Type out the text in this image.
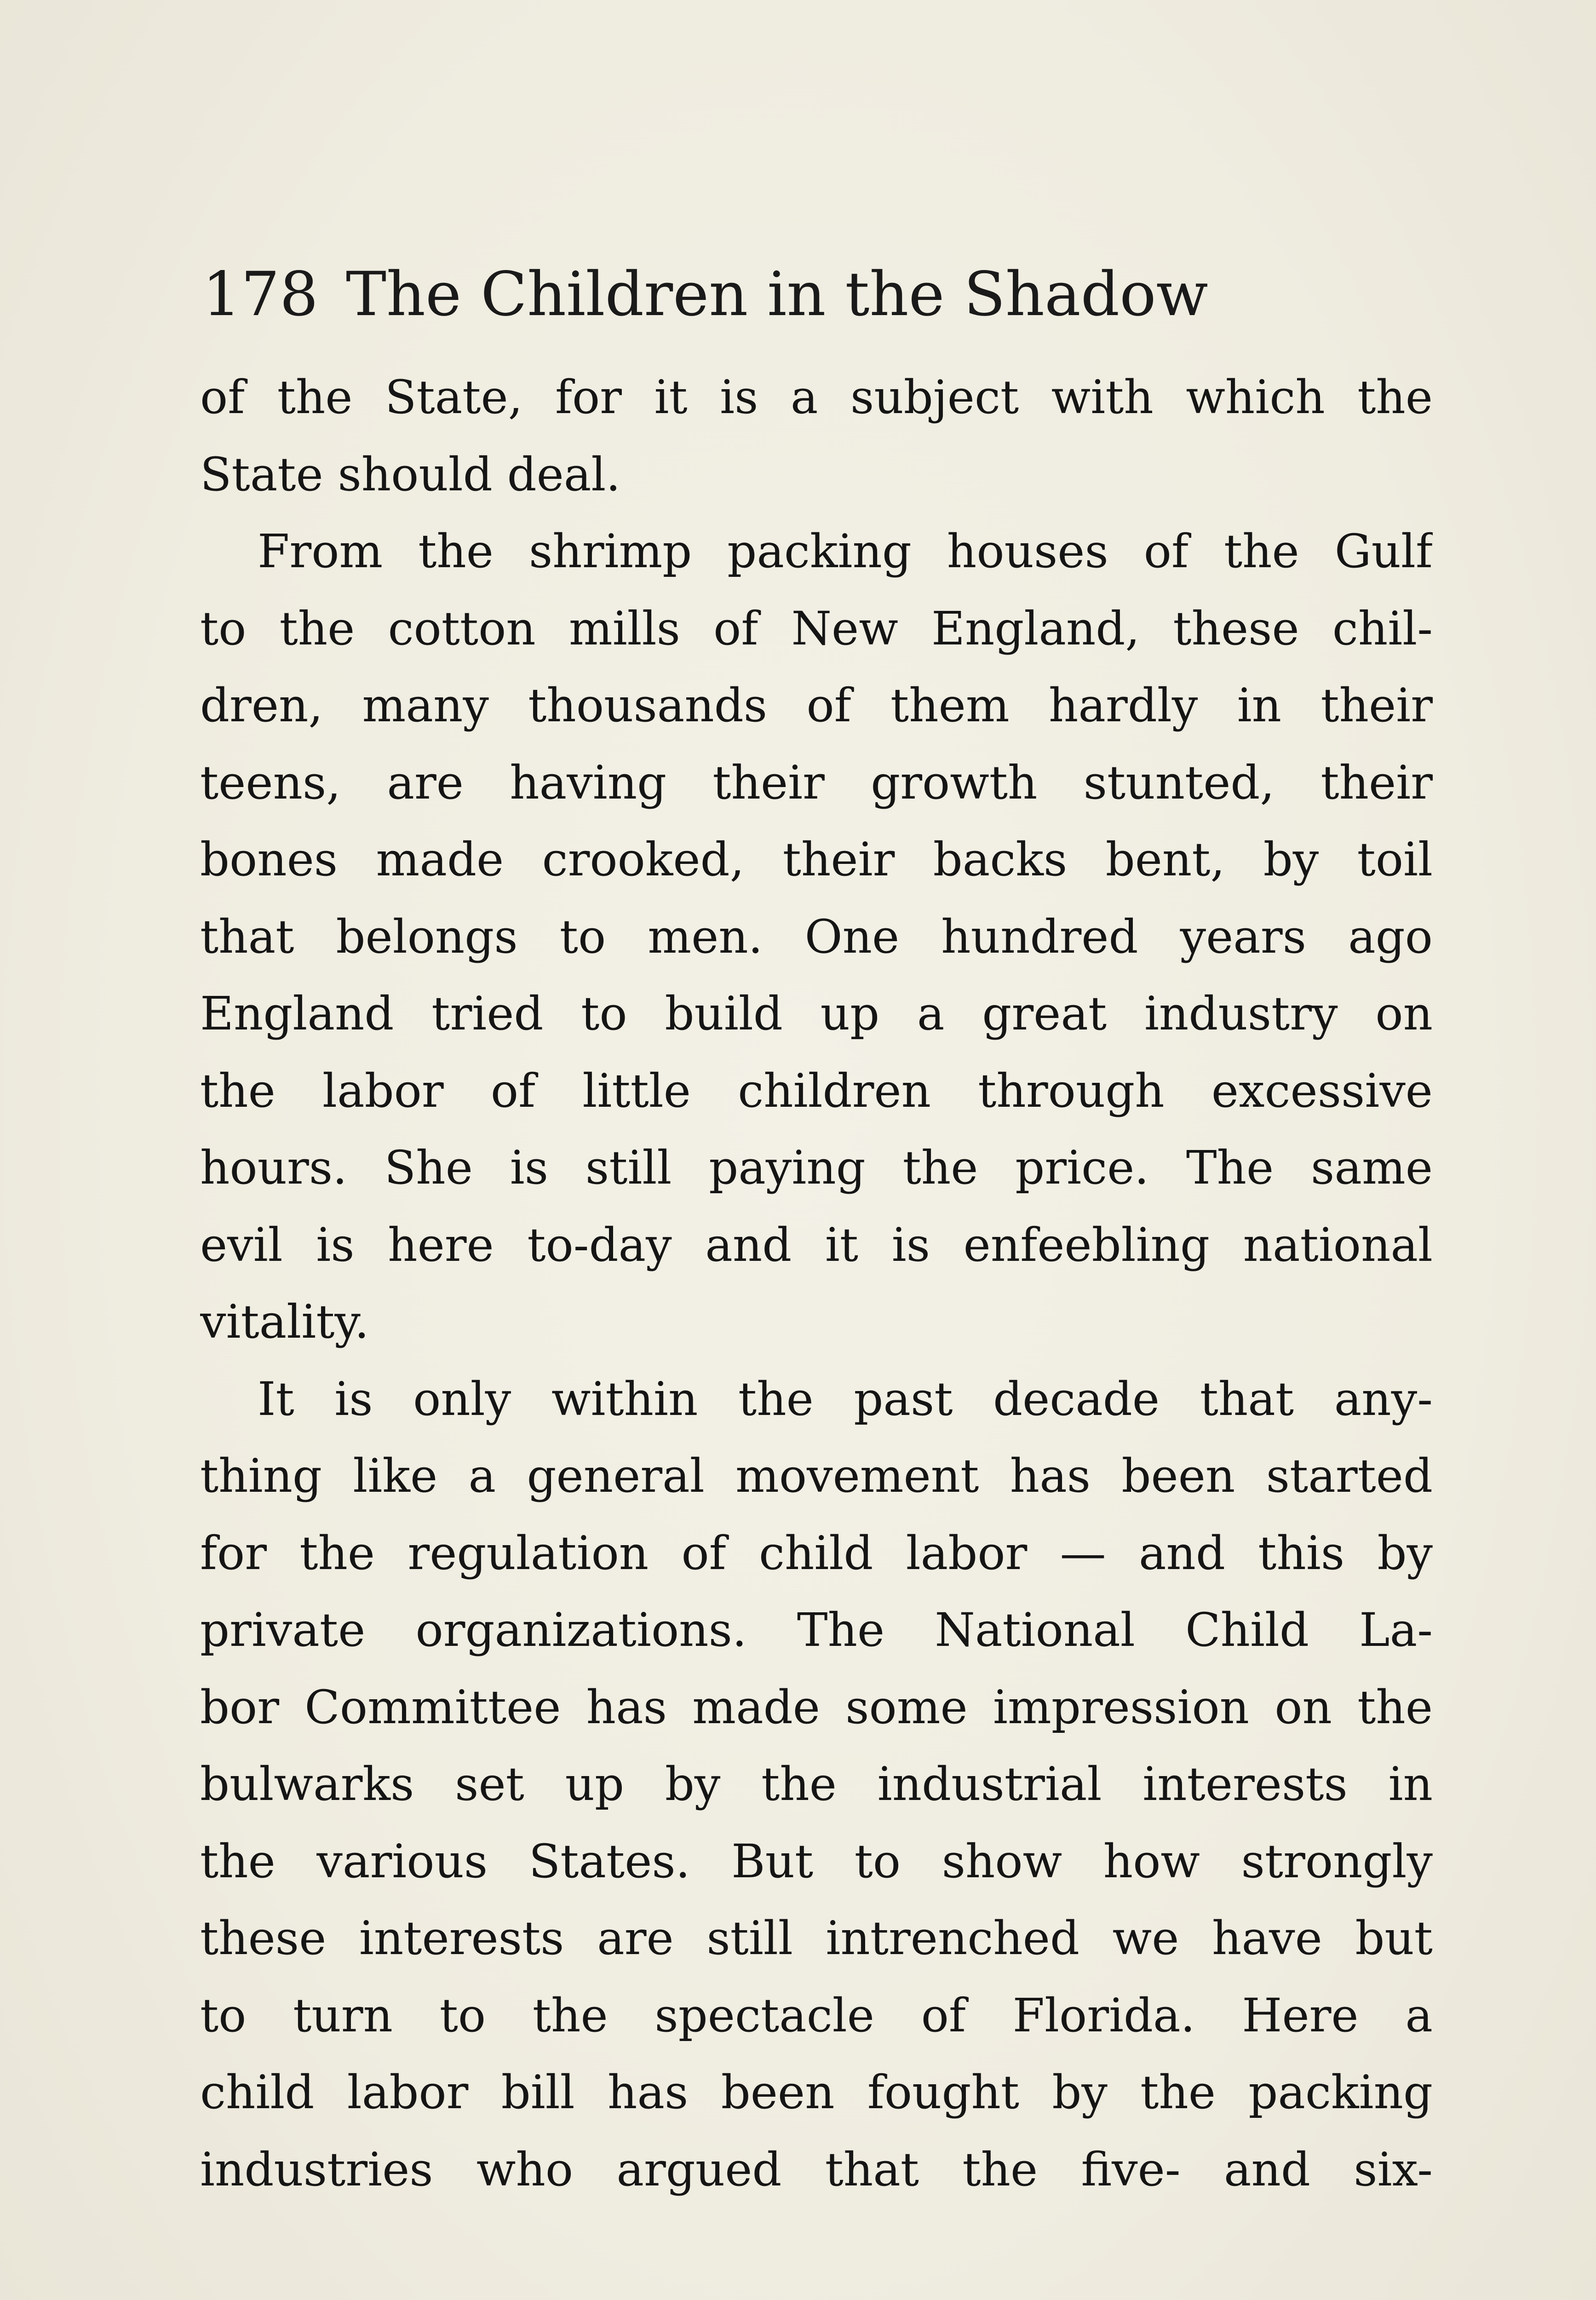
178 The Children in the Shadow
of the State, for it is a subject with which the
State should deal.
From the shrimp packing houses of the Gulf
to the cotton mills of New England, these chil-
dren, many thousands of them hardly in their
teens, are having their growth stunted, their
bones made crooked, their backs bent, by toil
that belongs to men. One hundred years ago
England tried to build up a great industry on
the labor of little children through excessive
hours. She is still paying the price. The same
evil is here to-day and it is enfeebling national
vitality.
It is only within the past decade that any-
thing like a general movement has been started
for the regulation of child labor — and this by
private organizations. The National Child La-
bor Committee has made some impression on the
bulwarks set up by the industrial interests in
the various States. But to show how strongly
these interests are still intrenched we have but
to turn to the spectacle of Florida. Here a
child labor bill has been fought by the packing
industries who argued that the five- and six-
